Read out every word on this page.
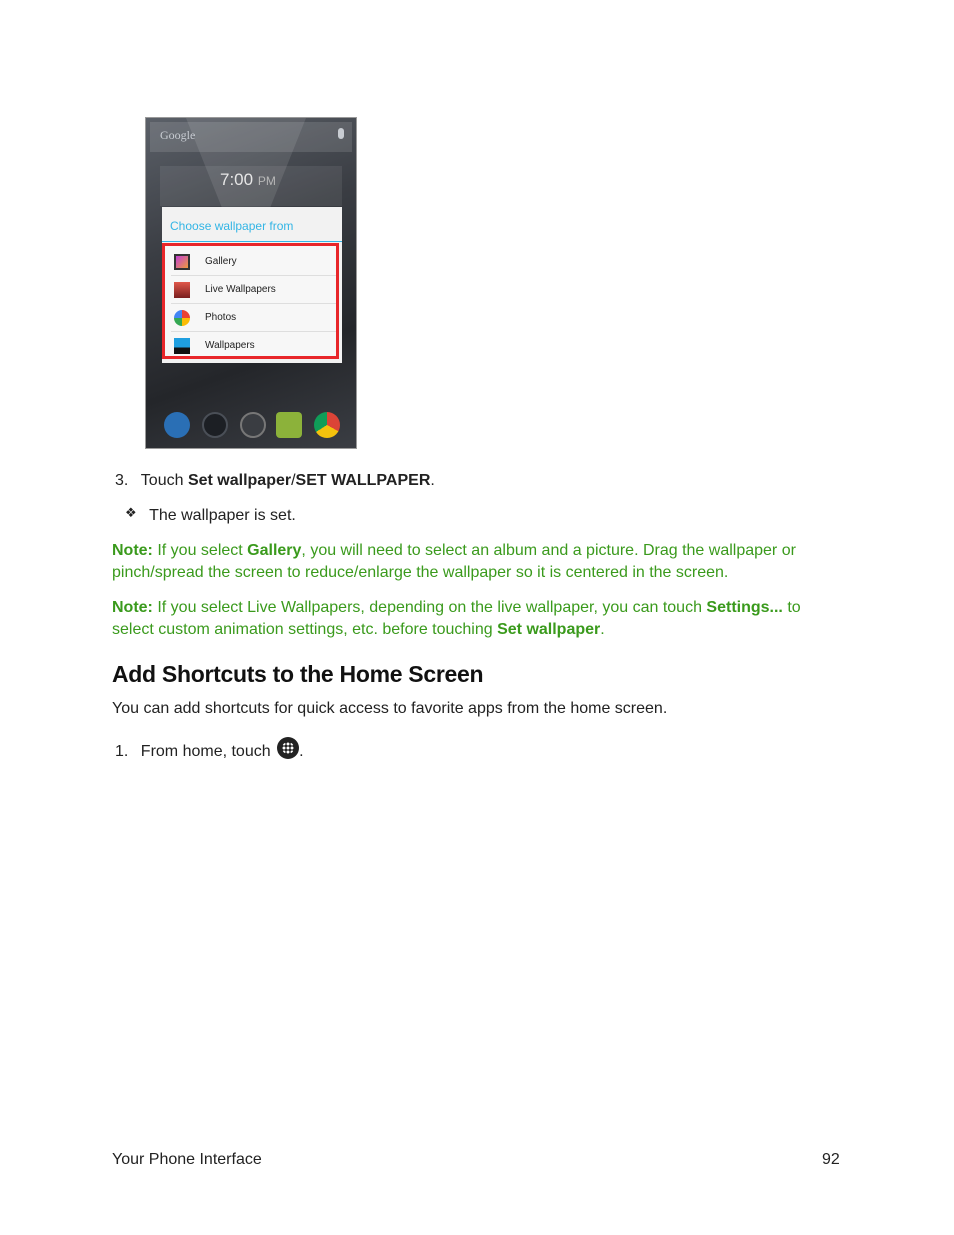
Google
7:00 PM
Choose wallpaper from
Gallery
Live Wallpapers
Photos
Wallpapers
3. Touch Set wallpaper/SET WALLPAPER.
❖ The wallpaper is set.
Note: If you select Gallery, you will need to select an album and a picture. Drag the wallpaper or
pinch/spread the screen to reduce/enlarge the wallpaper so it is centered in the screen.
Note: If you select Live Wallpapers, depending on the live wallpaper, you can touch Settings... to
select custom animation settings, etc. before touching Set wallpaper.
Add Shortcuts to the Home Screen
You can add shortcuts for quick access to favorite apps from the home screen.
1. From home, touch .
Your Phone Interface	92
